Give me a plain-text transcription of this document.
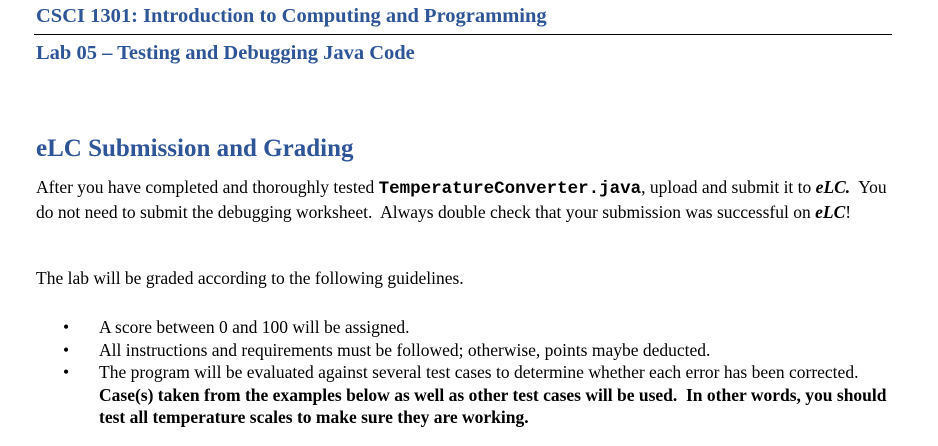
CSCI 1301: Introduction to Computing and Programming
Lab 05 – Testing and Debugging Java Code
eLC Submission and Grading
After you have completed and thoroughly tested TemperatureConverter.java, upload and submit it to eLC.  You do not need to submit the debugging worksheet.  Always double check that your submission was successful on eLC!
The lab will be graded according to the following guidelines.
• A score between 0 and 100 will be assigned.
• All instructions and requirements must be followed; otherwise, points maybe deducted.
• The program will be evaluated against several test cases to determine whether each error has been corrected. Case(s) taken from the examples below as well as other test cases will be used.  In other words, you should test all temperature scales to make sure they are working.
